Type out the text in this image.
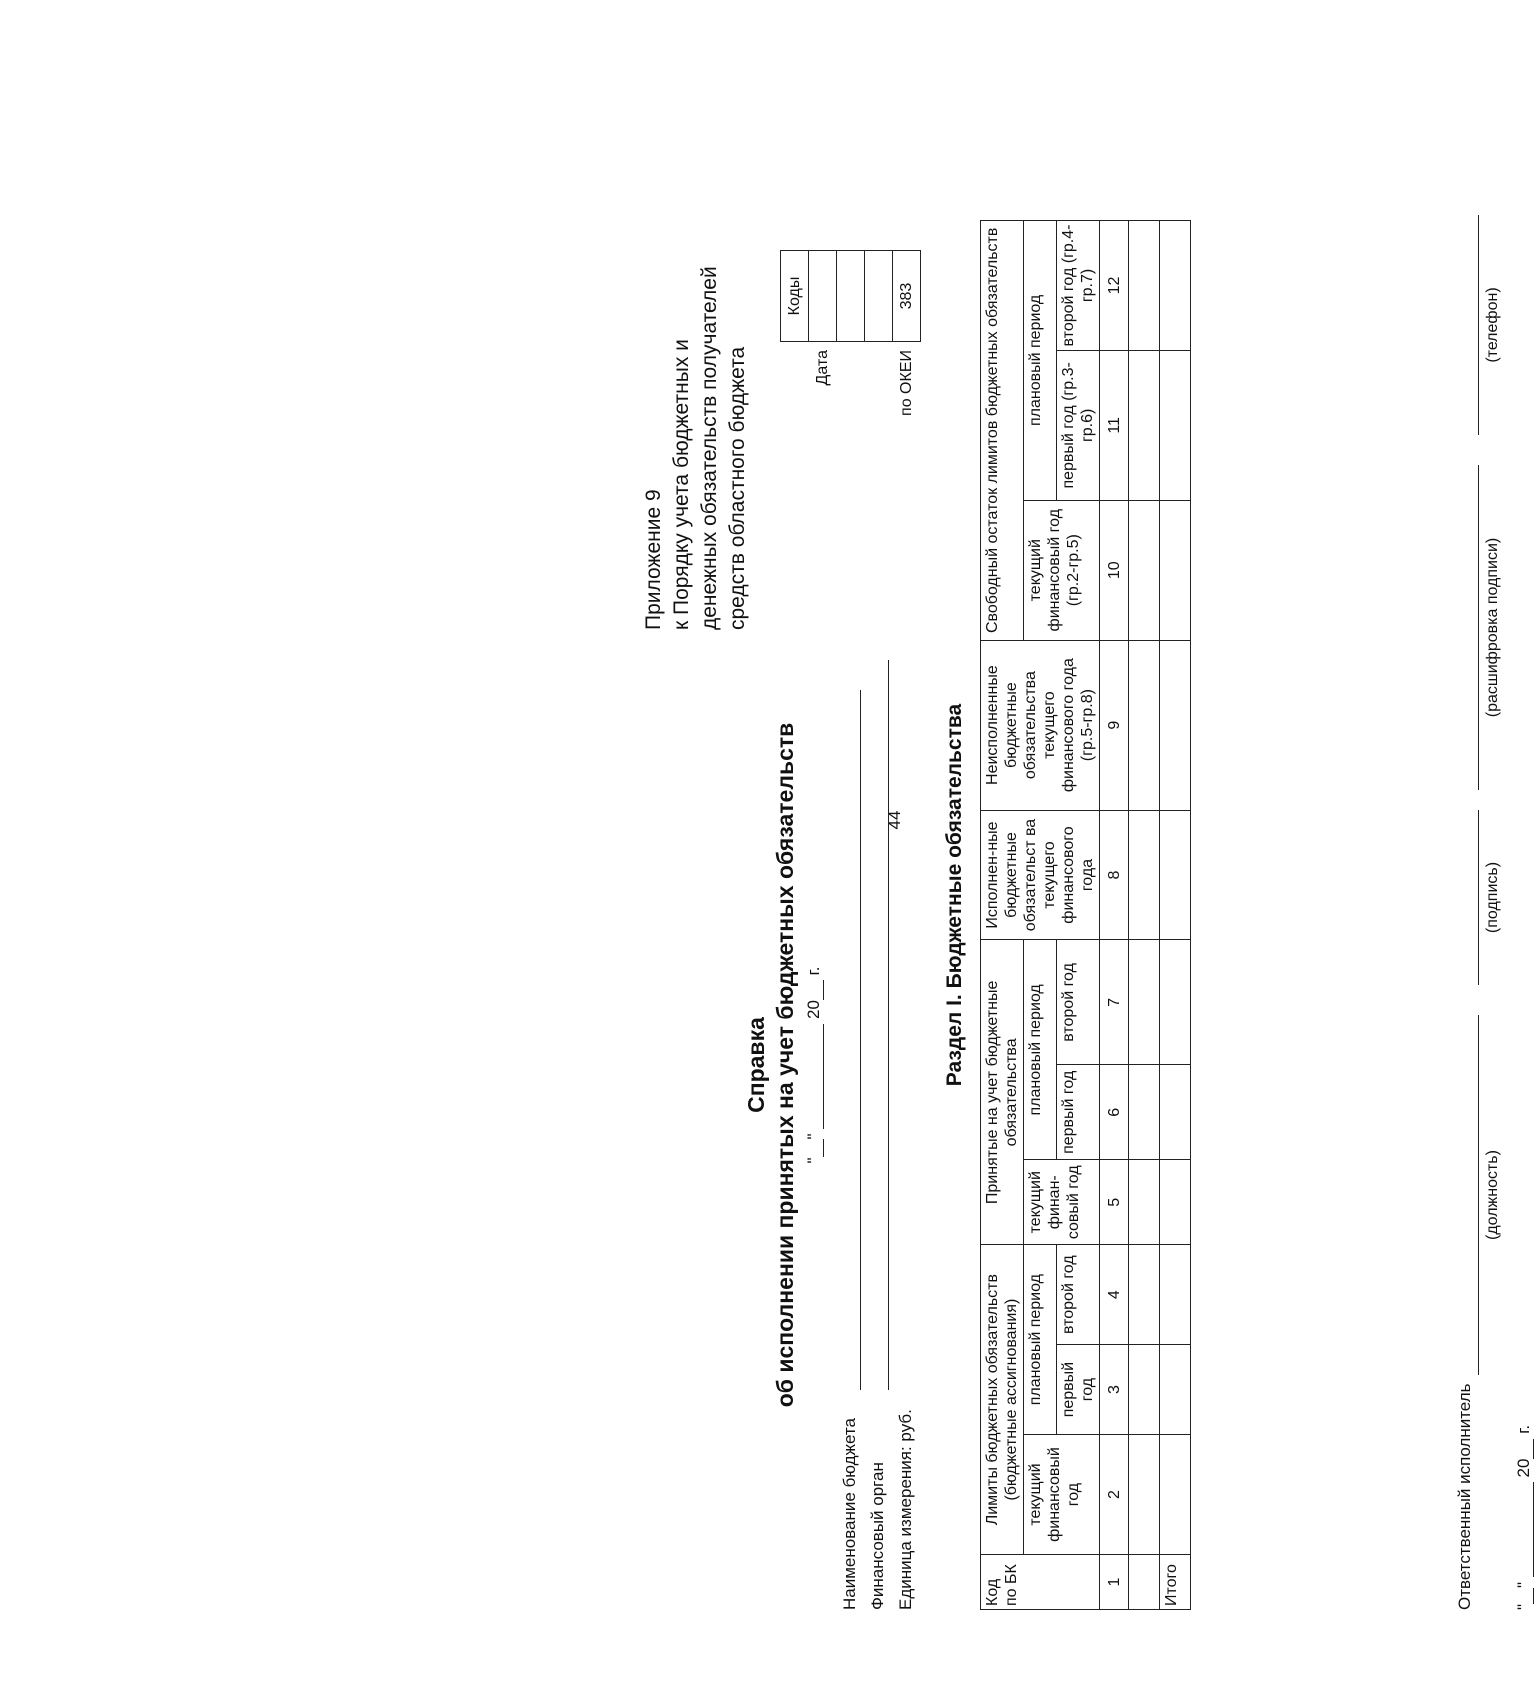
44
Приложение 9 к Порядку учета бюджетных и денежных обязательств получателей средств областного бюджета
	Коды
Дата	

по ОКЕИ	383
Справка об исполнении принятых на учет бюджетных обязательств ""  20 г.
Наименование бюджета Финансовый орган Единица измерения: руб.
Раздел I. Бюджетные обязательства
Код по БК	Лимиты бюджетных обязательств (бюджетные ассигнования)			Принятые на учет бюджетные обязательства			Исполнен-ные бюджетные обязательст ва текущего финансового года	Неисполненные бюджетные обязательства текущего финансового года (гр.5-гр.8)	Свободный остаток лимитов бюджетных обязательств		
	текущий финансовый год	плановый период		текущий финан-совый год	плановый период				текущий финансовый год (гр.2-гр.5)	плановый период	
		первый год	второй год		первый год	второй год				первый год (гр.3-гр.6)	второй год (гр.4-гр.7)
1	2	3	4	5	6	7	8	9	10	11	12

Итого												Ответственный исполнитель
(должность)
(подпись)
(расшифровка подписи)
(телефон)
""  20 г.
